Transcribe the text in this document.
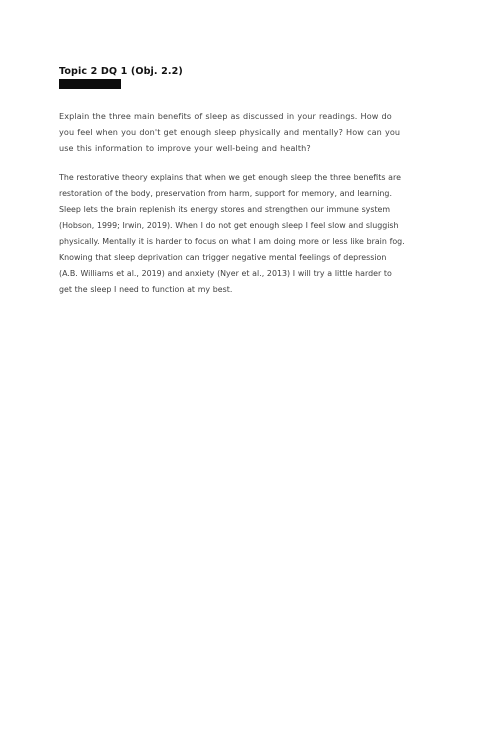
Topic 2 DQ 1 (Obj. 2.2)

Explain the three main benefits of sleep as discussed in your readings. How do
you feel when you don't get enough sleep physically and mentally? How can you
use this information to improve your well-being and health?

The restorative theory explains that when we get enough sleep the three benefits are
restoration of the body, preservation from harm, support for memory, and learning.
Sleep lets the brain replenish its energy stores and strengthen our immune system
(Hobson, 1999; Irwin, 2019). When I do not get enough sleep I feel slow and sluggish
physically. Mentally it is harder to focus on what I am doing more or less like brain fog.
Knowing that sleep deprivation can trigger negative mental feelings of depression
(A.B. Williams et al., 2019) and anxiety (Nyer et al., 2013) I will try a little harder to
get the sleep I need to function at my best.
